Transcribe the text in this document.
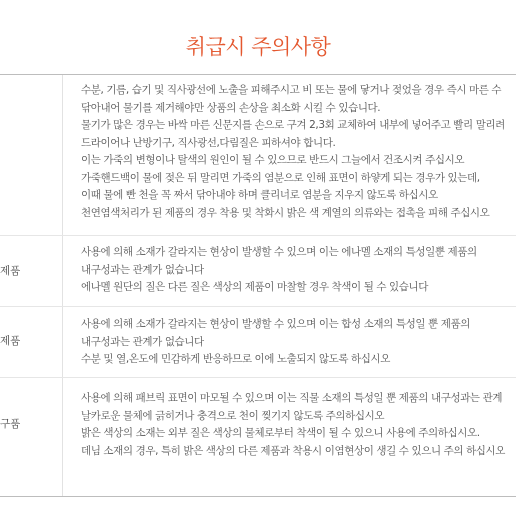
취급시 주의사항
수분, 기름, 습기 및 직사광선에 노출을 피해주시고 비 또는 물에 닿거나 젖었을 경우 즉시 마른 수
닦아내어 물기를 제거해야만 상품의 손상을 최소화 시킬 수 있습니다.
물기가 많은 경우는 바싹 마른 신문지를 손으로 구겨 2,3회 교체하여 내부에 넣어주고 빨리 말리려
드라이어나 난방기구, 직사광선,다림질은 피하셔야 합니다.
이는 가죽의 변형이나 탈색의 원인이 될 수 있으므로 반드시 그늘에서 건조시켜 주십시오
가죽핸드백이 물에 젖은 뒤 말리면 가죽의 염분으로 인해 표면이 하얗게 되는 경우가 있는데,
이때 물에 빤 천을 꼭 짜서 닦아내야 하며 클리너로 염분을 지우지 않도록 하십시오
천연염색처리가 된 제품의 경우 착용 및 착화시 밝은 색 계열의 의류와는 접촉을 피해 주십시오
제품
사용에 의해 소재가 갈라지는 현상이 발생할 수 있으며 이는 에나멜 소재의 특성일뿐 제품의
내구성과는 관계가 없습니다
에나멜 원단의 질은 다른 질은 색상의 제품이 마찰할 경우 착색이 될 수 있습니다
제품
사용에 의해 소재가 갈라지는 현상이 발생할 수 있으며 이는 합성 소재의 특성일 뿐 제품의
내구성과는 관계가 없습니다
수분 및 열,온도에 민감하게 반응하므로 이에 노출되지 않도록 하십시오
구품
사용에 의해 패브릭 표면이 마모될 수 있으며 이는 직물 소재의 특성일 뿐 제품의 내구성과는 관계
날카로운 물체에 긁히거나 충격으로 천이 찢기지 않도록 주의하십시오
밝은 색상의 소재는 외부 질은 색상의 물체로부터 착색이 될 수 있으니 사용에 주의하십시오.
데님 소재의 경우, 특히 밝은 색상의 다른 제품과 착용시 이염현상이 생길 수 있으니 주의 하십시오
